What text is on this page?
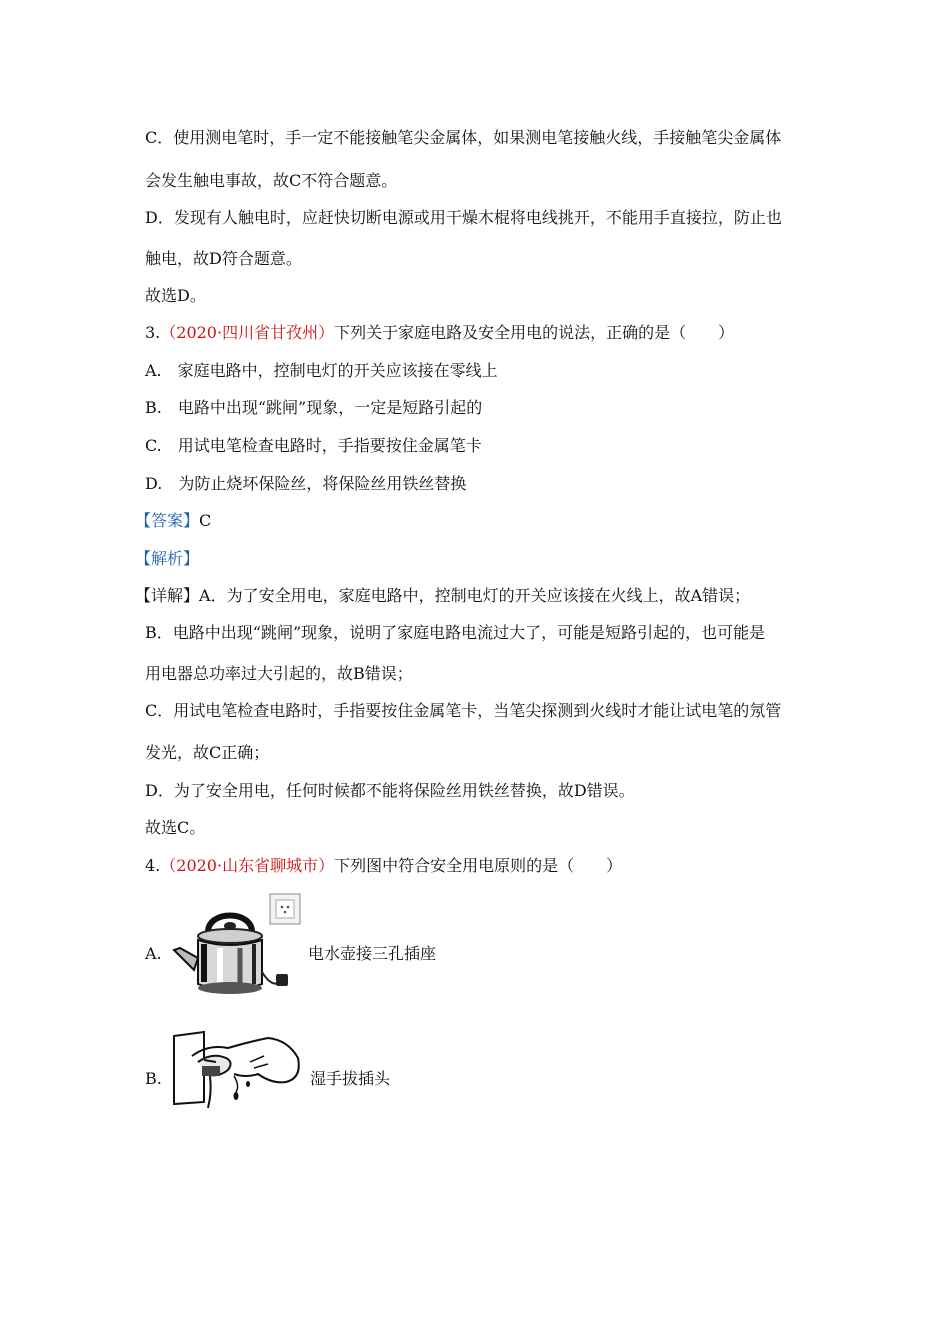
C．使用测电笔时，手一定不能接触笔尖金属体，如果测电笔接触火线，手接触笔尖金属体
会发生触电事故，故C不符合题意。
D．发现有人触电时，应赶快切断电源或用干燥木棍将电线挑开，不能用手直接拉，防止也
触电，故D符合题意。
故选D。
3.（2020·四川省甘孜州）下列关于家庭电路及安全用电的说法，正确的是（　　）
A.　家庭电路中，控制电灯的开关应该接在零线上
B.　电路中出现“跳闸”现象，一定是短路引起的
C.　用试电笔检查电路时，手指要按住金属笔卡
D.　为防止烧坏保险丝，将保险丝用铁丝替换
【答案】C
【解析】
【详解】A．为了安全用电，家庭电路中，控制电灯的开关应该接在火线上，故A错误；
B．电路中出现“跳闸”现象，说明了家庭电路电流过大了，可能是短路引起的，也可能是
用电器总功率过大引起的，故B错误；
C．用试电笔检查电路时，手指要按住金属笔卡，当笔尖探测到火线时才能让试电笔的氖管
发光，故C正确；
D．为了安全用电，任何时候都不能将保险丝用铁丝替换，故D错误。
故选C。
4.（2020·山东省聊城市）下列图中符合安全用电原则的是（　　）
A.	电水壶接三孔插座
B.	湿手拔插头
